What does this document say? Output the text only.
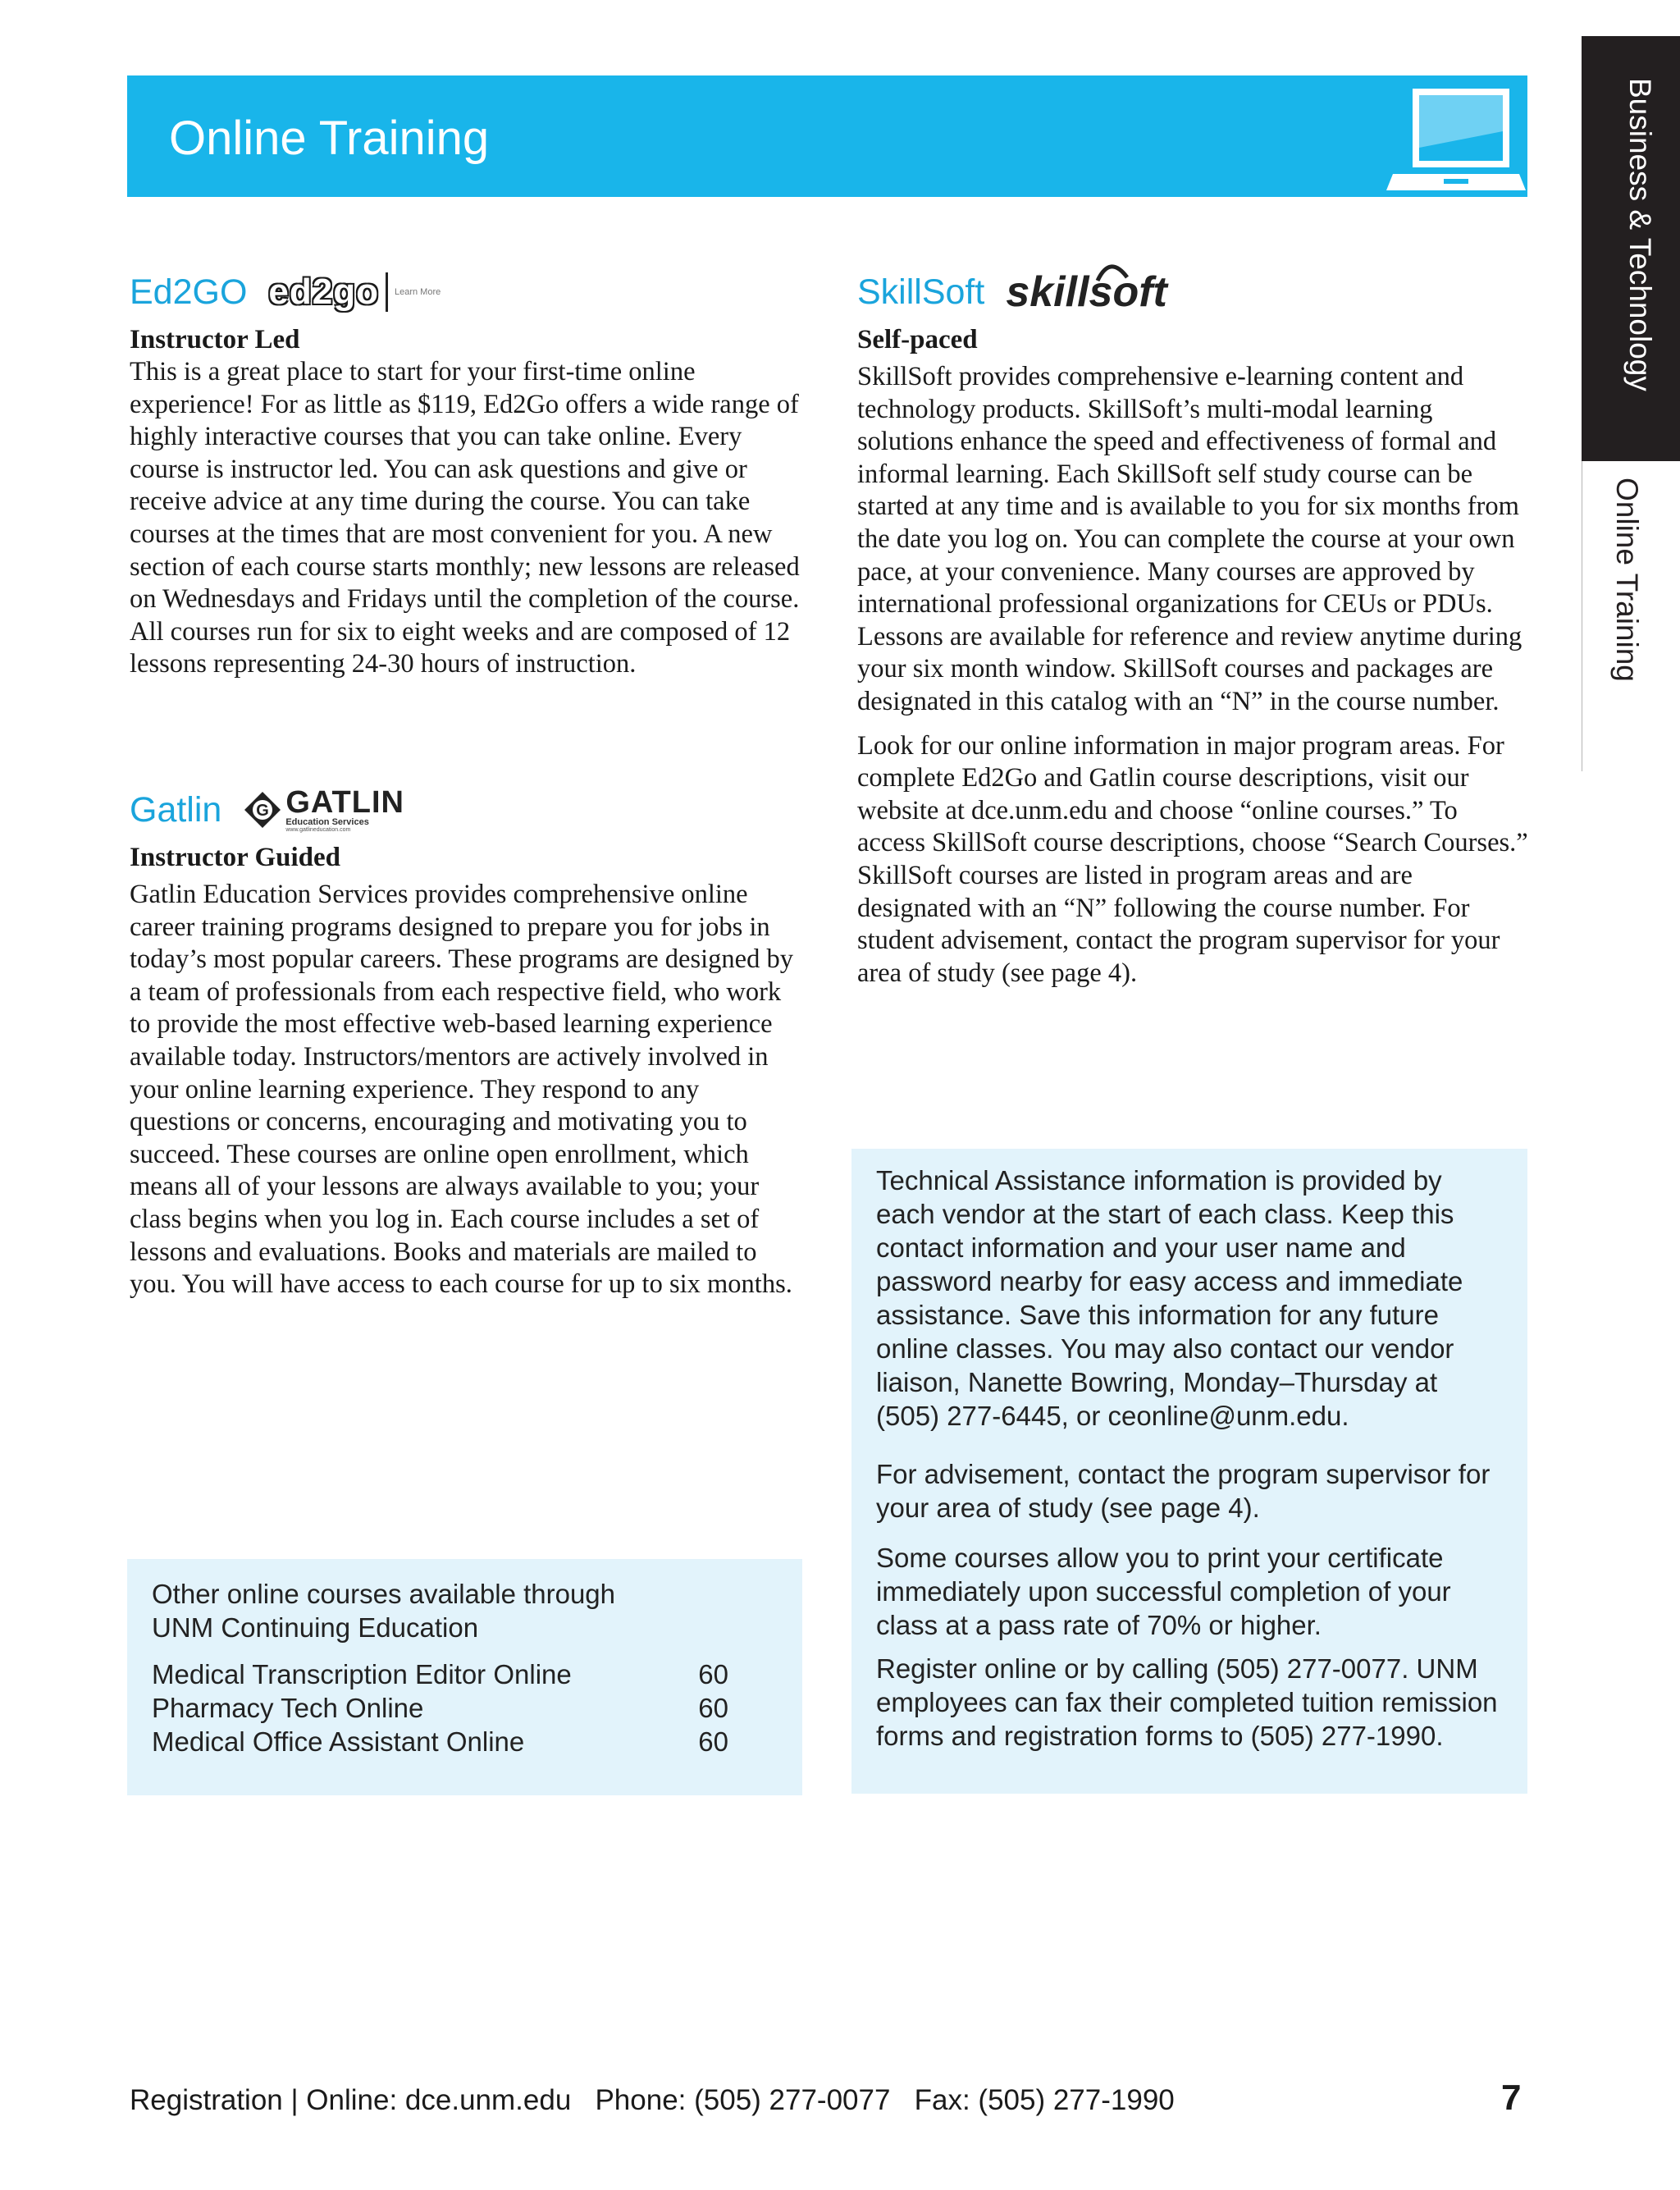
Online Training	Business & Technology
Online Training
Ed2GO ed2go Learn More
Instructor Led
This is a great place to start for your first-time online experience! For as little as $119, Ed2Go offers a wide range of highly interactive courses that you can take online. Every course is instructor led. You can ask questions and give or receive advice at any time during the course. You can take courses at the times that are most convenient for you. A new section of each course starts monthly; new lessons are released on Wednesdays and Fridays until the completion of the course. All courses run for six to eight weeks and are composed of 12 lessons representing 24-30 hours of instruction.
Gatlin G GATLIN
Education Services
www.gatlineducation.com
Instructor Guided
Gatlin Education Services provides comprehensive online career training programs designed to prepare you for jobs in today’s most popular careers. These programs are designed by a team of professionals from each respective field, who work to provide the most effective web-based learning experience available today. Instructors/mentors are actively involved in your online learning experience. They respond to any questions or concerns, encouraging and motivating you to succeed. These courses are online open enrollment, which means all of your lessons are always available to you; your class begins when you log in. Each course includes a set of lessons and evaluations. Books and materials are mailed to you. You will have access to each course for up to six months.
SkillSoft skillsoft
Self-paced
SkillSoft provides comprehensive e-learning content and technology products. SkillSoft’s multi-modal learning solutions enhance the speed and effectiveness of formal and informal learning. Each SkillSoft self study course can be started at any time and is available to you for six months from the date you log on. You can complete the course at your own pace, at your convenience. Many courses are approved by international professional organizations for CEUs or PDUs. Lessons are available for reference and review anytime during your six month window. SkillSoft courses and packages are designated in this catalog with an “N” in the course number.
Look for our online information in major program areas. For complete Ed2Go and Gatlin course descriptions, visit our website at dce.unm.edu and choose “online courses.” To access SkillSoft course descriptions, choose “Search Courses.” SkillSoft courses are listed in program areas and are designated with an “N” following the course number. For student advisement, contact the program supervisor for your area of study (see page 4).

Other online courses available through UNM Continuing Education

Medical Transcription Editor Online	60
Pharmacy Tech Online	60
Medical Office Assistant Online	60

Technical Assistance information is provided by each vendor at the start of each class. Keep this contact information and your user name and password nearby for easy access and immediate assistance. Save this information for any future online classes. You may also contact our vendor liaison, Nanette Bowring, Monday–Thursday at (505) 277-6445, or ceonline@unm.edu.

For advisement, contact the program supervisor for your area of study (see page 4).

Some courses allow you to print your certificate immediately upon successful completion of your class at a pass rate of 70% or higher.

Register online or by calling (505) 277-0077. UNM employees can fax their completed tuition remission forms and registration forms to (505) 277-1990.

Registration | Online: dce.unm.edu   Phone: (505) 277-0077   Fax: (505) 277-1990	7
